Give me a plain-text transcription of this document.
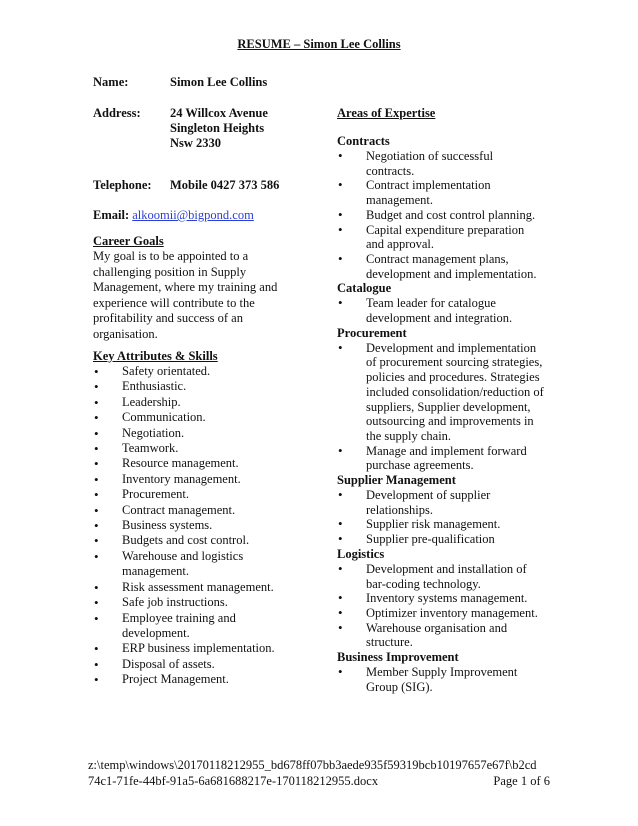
RESUME – Simon Lee Collins
Name:	Simon Lee Collins
Address: 24 Willcox Avenue
Singleton Heights
Nsw 2330
Telephone: Mobile 0427 373 586
Email: alkoomii@bigpond.com
Career Goals
My goal is to be appointed to a challenging position in Supply Management, where my training and experience will contribute to the profitability and success of an organisation.
Key Attributes & Skills
• Safety orientated.
• Enthusiastic.
• Leadership.
• Communication.
• Negotiation.
• Teamwork.
• Resource management.
• Inventory management.
• Procurement.
• Contract management.
• Business systems.
• Budgets and cost control.
• Warehouse and logistics management.
• Risk assessment management.
• Safe job instructions.
• Employee training and development.
• ERP business implementation.
• Disposal of assets.
• Project Management.
Areas of Expertise
Contracts
• Negotiation of successful contracts.
• Contract implementation management.
• Budget and cost control planning.
• Capital expenditure preparation and approval.
• Contract management plans, development and implementation.
Catalogue
• Team leader for catalogue development and integration.
Procurement
• Development and implementation of procurement sourcing strategies, policies and procedures. Strategies included consolidation/reduction of suppliers, Supplier development, outsourcing and improvements in the supply chain.
• Manage and implement forward purchase agreements.
Supplier Management
• Development of supplier relationships.
• Supplier risk management.
• Supplier pre-qualification
Logistics
• Development and installation of bar-coding technology.
• Inventory systems management.
• Optimizer inventory management.
• Warehouse organisation and structure.
Business Improvement
• Member Supply Improvement Group (SIG).
z:\temp\windows\20170118212955_bd678ff07bb3aede935f59319bcb10197657e67f\b2cd
74c1-71fe-44bf-91a5-6a681688217e-170118212955.docx	Page 1 of 6
